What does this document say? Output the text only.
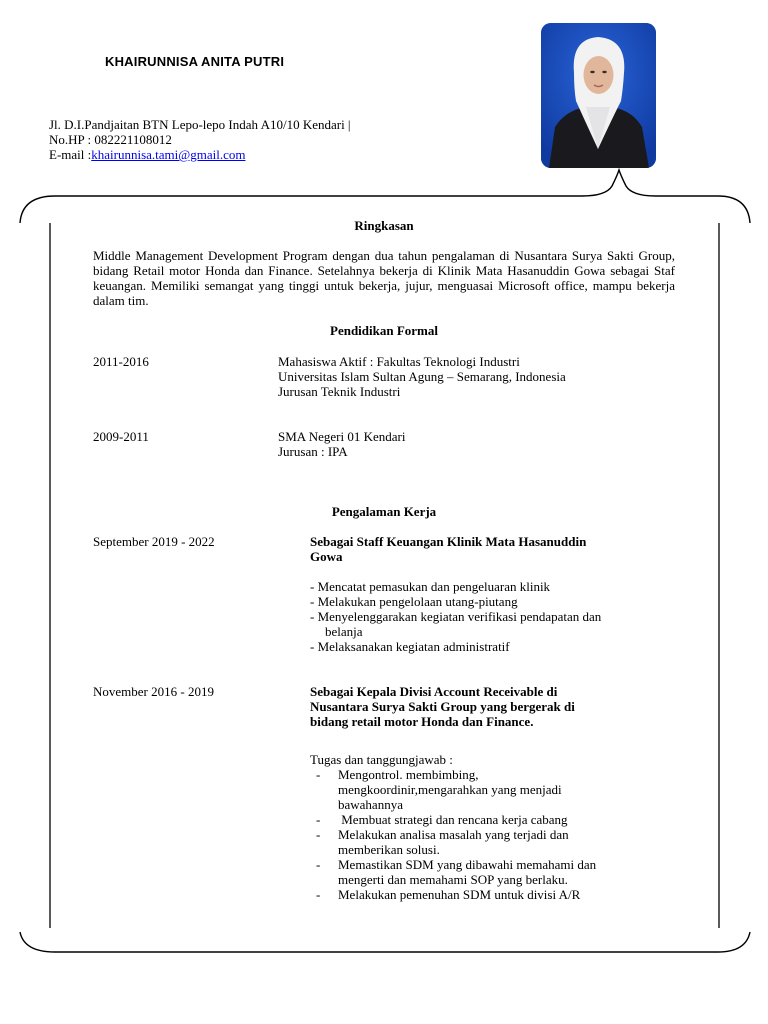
KHAIRUNNISA ANITA PUTRI
Jl. D.I.Pandjaitan BTN Lepo-lepo Indah A10/10 Kendari |
No.HP : 082221108012
E-mail :khairunnisa.tami@gmail.com
Ringkasan
Middle Management Development Program dengan dua tahun pengalaman di Nusantara Surya Sakti Group, bidang Retail motor Honda dan Finance. Setelahnya bekerja di Klinik Mata Hasanuddin Gowa sebagai Staf keuangan. Memiliki semangat yang tinggi untuk bekerja, jujur, menguasai Microsoft office, mampu bekerja dalam tim.
Pendidikan Formal
2011-2016	Mahasiswa Aktif : Fakultas Teknologi Industri
Universitas Islam Sultan Agung – Semarang, Indonesia
Jurusan Teknik Industri
2009-2011	SMA Negeri 01 Kendari
Jurusan : IPA
Pengalaman Kerja
September 2019 - 2022	Sebagai Staff Keuangan Klinik Mata Hasanuddin
Gowa
- Mencatat pemasukan dan pengeluaran klinik
- Melakukan pengelolaan utang-piutang
- Menyelenggarakan kegiatan verifikasi pendapatan dan
belanja
- Melaksanakan kegiatan administratif
November 2016 - 2019	Sebagai Kepala Divisi Account Receivable di
Nusantara Surya Sakti Group yang bergerak di
bidang retail motor Honda dan Finance.
Tugas dan tanggungjawab :
-	Mengontrol. membimbing,
mengkoordinir,mengarahkan yang menjadi
bawahannya
-	Membuat strategi dan rencana kerja cabang
-	Melakukan analisa masalah yang terjadi dan
memberikan solusi.
-	Memastikan SDM yang dibawahi memahami dan
mengerti dan memahami SOP yang berlaku.
-	Melakukan pemenuhan SDM untuk divisi A/R
